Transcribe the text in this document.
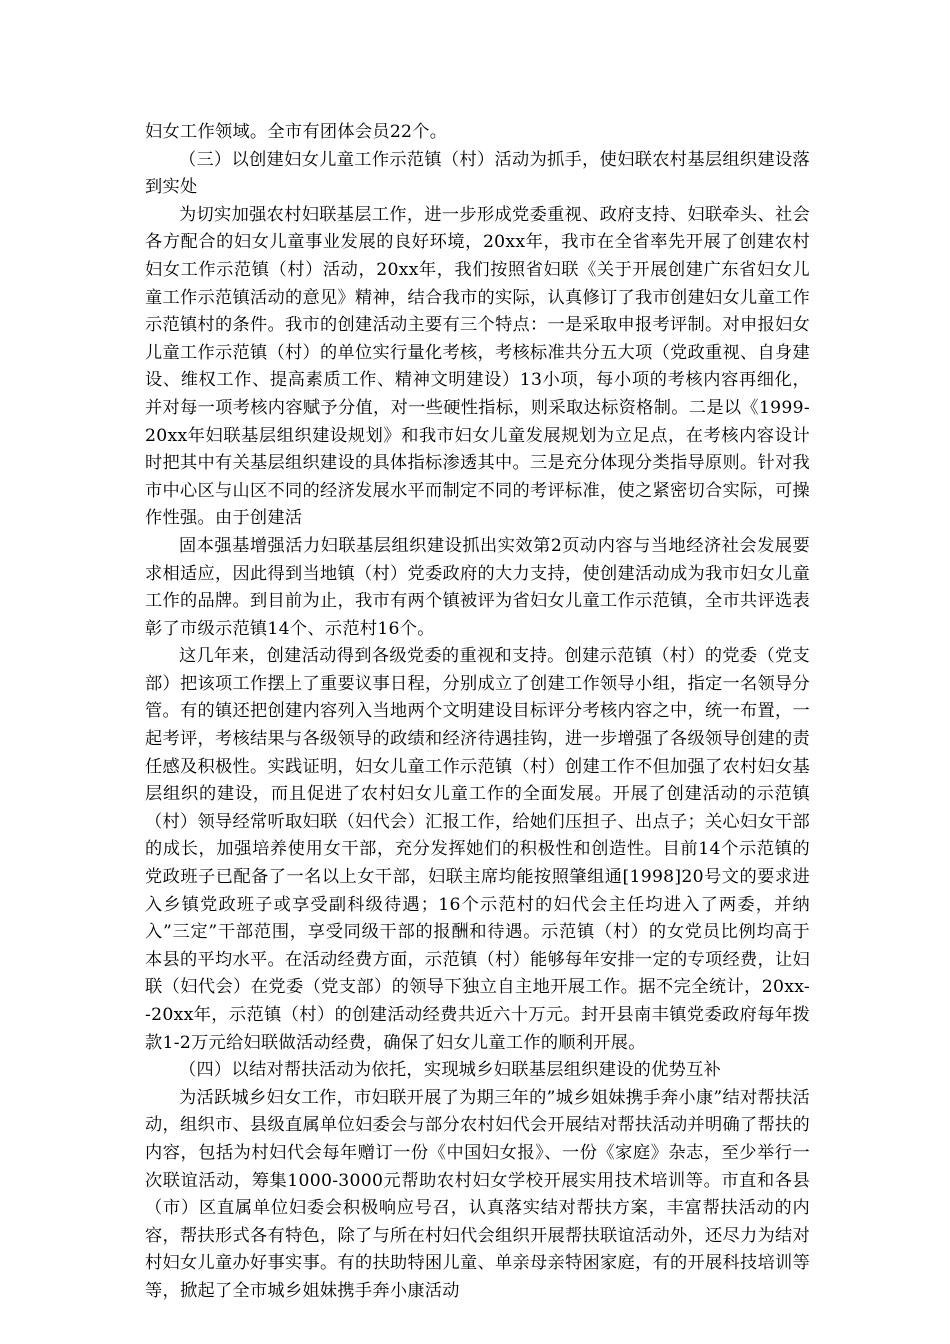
妇女工作领域。全市有团体会员22个。

（三）以创建妇女儿童工作示范镇（村）活动为抓手，使妇联农村基层组织建设落到实处

为切实加强农村妇联基层工作，进一步形成党委重视、政府支持、妇联牵头、社会各方配合的妇女儿童事业发展的良好环境，20xx年，我市在全省率先开展了创建农村妇女工作示范镇（村）活动，20xx年，我们按照省妇联《关于开展创建广东省妇女儿童工作示范镇活动的意见》精神，结合我市的实际，认真修订了我市创建妇女儿童工作示范镇村的条件。我市的创建活动主要有三个特点：一是采取申报考评制。对申报妇女儿童工作示范镇（村）的单位实行量化考核，考核标准共分五大项（党政重视、自身建设、维权工作、提高素质工作、精神文明建设）13小项，每小项的考核内容再细化，并对每一项考核内容赋予分值，对一些硬性指标，则采取达标资格制。二是以《1999-20xx年妇联基层组织建设规划》和我市妇女儿童发展规划为立足点，在考核内容设计时把其中有关基层组织建设的具体指标渗透其中。三是充分体现分类指导原则。针对我市中心区与山区不同的经济发展水平而制定不同的考评标准，使之紧密切合实际，可操作性强。由于创建活

固本强基增强活力妇联基层组织建设抓出实效第2页动内容与当地经济社会发展要求相适应，因此得到当地镇（村）党委政府的大力支持，使创建活动成为我市妇女儿童工作的品牌。到目前为止，我市有两个镇被评为省妇女儿童工作示范镇，全市共评选表彰了市级示范镇14个、示范村16个。

这几年来，创建活动得到各级党委的重视和支持。创建示范镇（村）的党委（党支部）把该项工作摆上了重要议事日程，分别成立了创建工作领导小组，指定一名领导分管。有的镇还把创建内容列入当地两个文明建设目标评分考核内容之中，统一布置，一起考评，考核结果与各级领导的政绩和经济待遇挂钩，进一步增强了各级领导创建的责任感及积极性。实践证明，妇女儿童工作示范镇（村）创建工作不但加强了农村妇女基层组织的建设，而且促进了农村妇女儿童工作的全面发展。开展了创建活动的示范镇（村）领导经常听取妇联（妇代会）汇报工作，给她们压担子、出点子；关心妇女干部的成长，加强培养使用女干部，充分发挥她们的积极性和创造性。目前14个示范镇的党政班子已配备了一名以上女干部，妇联主席均能按照肇组通[1998]20号文的要求进入乡镇党政班子或享受副科级待遇；16个示范村的妇代会主任均进入了两委，并纳入”三定”干部范围，享受同级干部的报酬和待遇。示范镇（村）的女党员比例均高于本县的平均水平。在活动经费方面，示范镇（村）能够每年安排一定的专项经费，让妇联（妇代会）在党委（党支部）的领导下独立自主地开展工作。据不完全统计，20xx--20xx年，示范镇（村）的创建活动经费共近六十万元。封开县南丰镇党委政府每年拨款1-2万元给妇联做活动经费，确保了妇女儿童工作的顺利开展。

（四）以结对帮扶活动为依托，实现城乡妇联基层组织建设的优势互补

为活跃城乡妇女工作，市妇联开展了为期三年的”城乡姐妹携手奔小康”结对帮扶活动，组织市、县级直属单位妇委会与部分农村妇代会开展结对帮扶活动并明确了帮扶的内容，包括为村妇代会每年赠订一份《中国妇女报》、一份《家庭》杂志，至少举行一次联谊活动，筹集1000-3000元帮助农村妇女学校开展实用技术培训等。市直和各县（市）区直属单位妇委会积极响应号召，认真落实结对帮扶方案，丰富帮扶活动的内容，帮扶形式各有特色，除了与所在村妇代会组织开展帮扶联谊活动外，还尽力为结对村妇女儿童办好事实事。有的扶助特困儿童、单亲母亲特困家庭，有的开展科技培训等等，掀起了全市城乡姐妹携手奔小康活动
